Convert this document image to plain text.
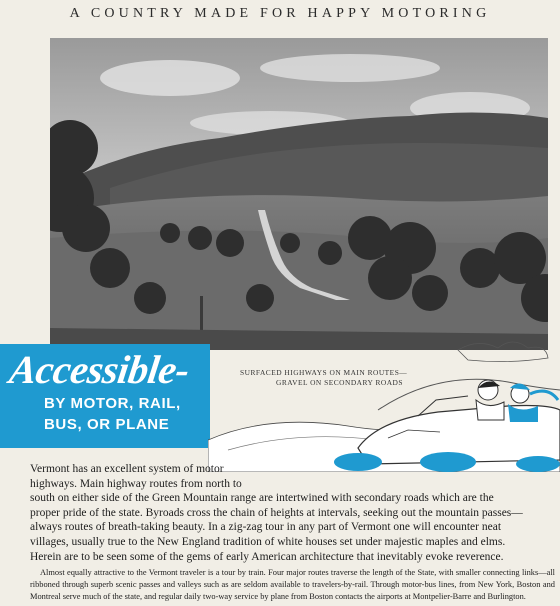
A COUNTRY MADE FOR HAPPY MOTORING
Accessible-
BY MOTOR, RAIL,
BUS, OR PLANE
SURFACED HIGHWAYS ON MAIN ROUTES—
GRAVEL ON SECONDARY ROADS

Vermont has an excellent system of motor
highways. Main highway routes from north to
south on either side of the Green Mountain range are intertwined with secondary roads which are the
proper pride of the state. Byroads cross the chain of heights at intervals, seeking out the mountain passes—
always routes of breath-taking beauty. In a zig-zag tour in any part of Vermont one will encounter neat
villages, usually true to the New England tradition of white houses set under majestic maples and elms.
Herein are to be seen some of the gems of early American architecture that inevitably evoke reverence.

Almost equally attractive to the Vermont traveler is a tour by train. Four major routes traverse the length of the State, with smaller connecting links—all ribboned through superb scenic passes and valleys such as are seldom available to travelers-by-rail. Through motor-bus lines, from New York, Boston and Montreal serve much of the state, and regular daily two-way service by plane from Boston contacts the airports at Montpelier-Barre and Burlington.
